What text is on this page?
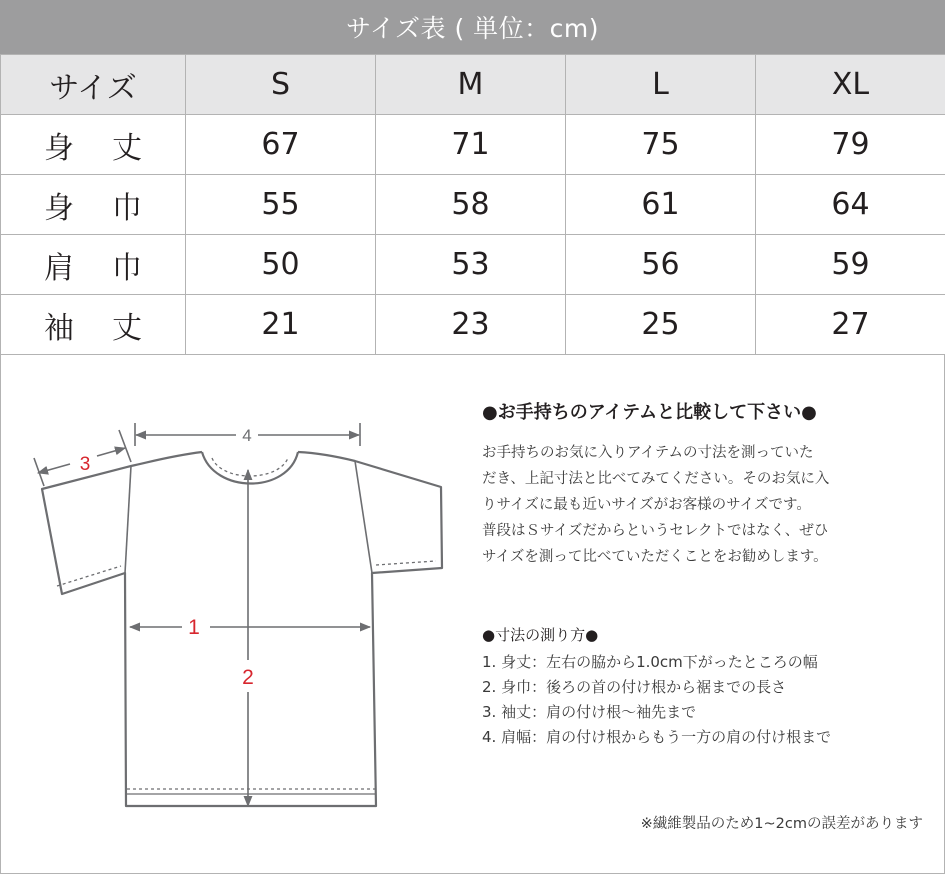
サイズ表 ( 単位：cm)
サイズ	S	M	L	XL
身 丈	67	71	75	79
身 巾	55	58	61	64
肩 巾	50	53	56	59
袖 丈	21	23	25	27
1
2
3
4
●お手持ちのアイテムと比較して下さい●
お手持ちのお気に入りアイテムの寸法を測っていた
だき、上記寸法と比べてみてください。そのお気に入
りサイズに最も近いサイズがお客様のサイズです。
普段はＳサイズだからというセレクトではなく、ぜひ
サイズを測って比べていただくことをお勧めします。
●寸法の測り方●
1. 身丈：左右の脇から1.0cm下がったところの幅
2. 身巾：後ろの首の付け根から裾までの長さ
3. 袖丈：肩の付け根～袖先まで
4. 肩幅：肩の付け根からもう一方の肩の付け根まで
※繊維製品のため1~2cmの誤差があります
